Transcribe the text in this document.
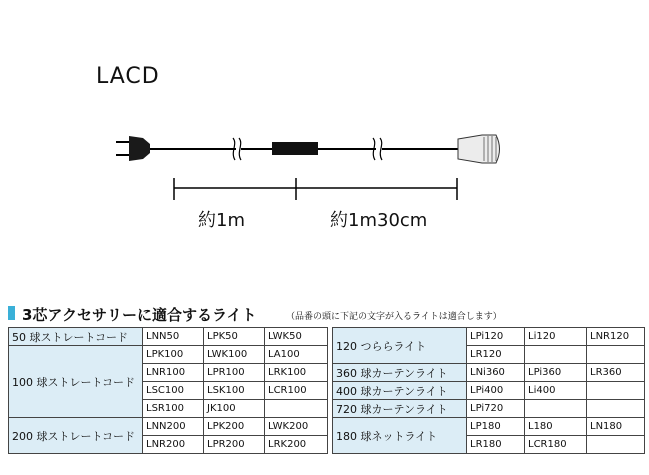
LACD
約1m	約1m30cm
3芯アクセサリーに適合するライト	（品番の頭に下記の文字が入るライトは適合します）
50 球ストレートコード	LNN50	LPK50	LWK50
100 球ストレートコード	LPK100	LWK100	LA100
	LNR100	LPR100	LRK100
	LSC100	LSK100	LCR100
	LSR100	JK100	
200 球ストレートコード	LNN200	LPK200	LWK200
	LNR200	LPR200	LRK200
120 つららライト	LPi120	Li120	LNR120
	LR120		
360 球カーテンライト	LNi360	LPi360	LR360
400 球カーテンライト	LPi400	Li400	
720 球カーテンライト	LPi720		
180 球ネットライト	LP180	L180	LN180
	LR180	LCR180	
